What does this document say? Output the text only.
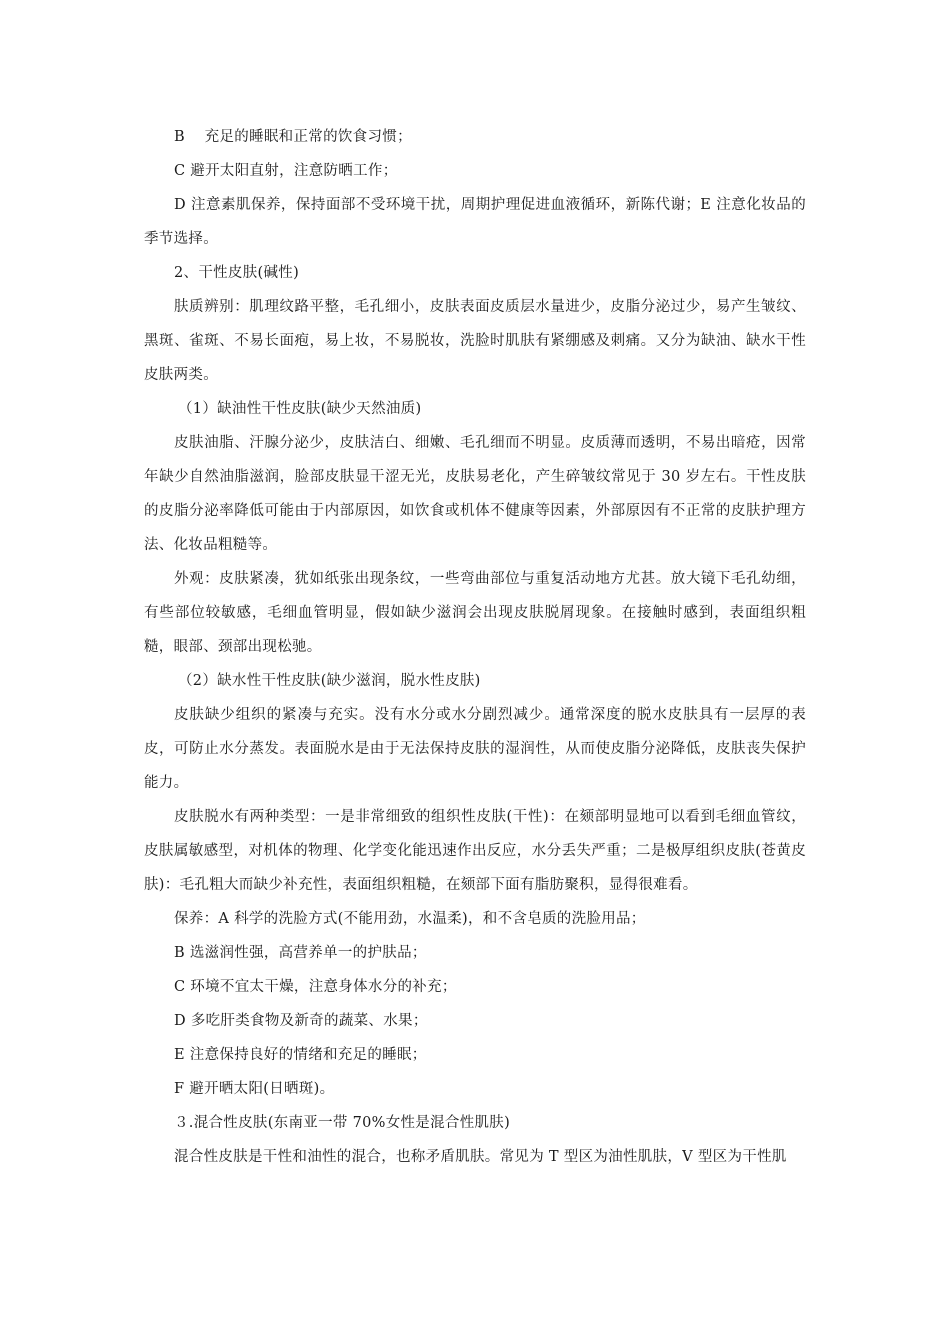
B　 充足的睡眠和正常的饮食习惯；

C 避开太阳直射，注意防晒工作；

D 注意素肌保养，保持面部不受环境干扰，周期护理促进血液循环，新陈代谢；E 注意化妆品的季节选择。

2、干性皮肤(碱性)

肤质辨别：肌理纹路平整，毛孔细小，皮肤表面皮质层水量进少，皮脂分泌过少，易产生皱纹、黑斑、雀斑、不易长面疱，易上妆，不易脱妆，洗脸时肌肤有紧绷感及刺痛。又分为缺油、缺水干性皮肤两类。

（1）缺油性干性皮肤(缺少天然油质)

皮肤油脂、汗腺分泌少，皮肤洁白、细嫩、毛孔细而不明显。皮质薄而透明，不易出暗疮，因常年缺少自然油脂滋润，脸部皮肤显干涩无光，皮肤易老化，产生碎皱纹常见于 30 岁左右。干性皮肤的皮脂分泌率降低可能由于内部原因，如饮食或机体不健康等因素，外部原因有不正常的皮肤护理方法、化妆品粗糙等。

外观：皮肤紧凑，犹如纸张出现条纹，一些弯曲部位与重复活动地方尤甚。放大镜下毛孔幼细，有些部位较敏感，毛细血管明显，假如缺少滋润会出现皮肤脱屑现象。在接触时感到，表面组织粗糙，眼部、颈部出现松驰。

（2）缺水性干性皮肤(缺少滋润，脱水性皮肤)

皮肤缺少组织的紧凑与充实。没有水分或水分剧烈减少。通常深度的脱水皮肤具有一层厚的表皮，可防止水分蒸发。表面脱水是由于无法保持皮肤的湿润性，从而使皮脂分泌降低，皮肤丧失保护能力。

皮肤脱水有两种类型：一是非常细致的组织性皮肤(干性)：在颏部明显地可以看到毛细血管纹，皮肤属敏感型，对机体的物理、化学变化能迅速作出反应，水分丢失严重；二是极厚组织皮肤(苍黄皮肤)：毛孔粗大而缺少补充性，表面组织粗糙，在颏部下面有脂肪聚积，显得很难看。

保养：A 科学的洗脸方式(不能用劲，水温柔)，和不含皂质的洗脸用品；

B 选滋润性强，高营养单一的护肤品；

C 环境不宜太干燥，注意身体水分的补充；

D 多吃肝类食物及新奇的蔬菜、水果；

E 注意保持良好的情绪和充足的睡眠；

F 避开晒太阳(日晒斑)。

３.混合性皮肤(东南亚一带 70%女性是混合性肌肤)

混合性皮肤是干性和油性的混合，也称矛盾肌肤。常见为 T 型区为油性肌肤，V 型区为干性肌
